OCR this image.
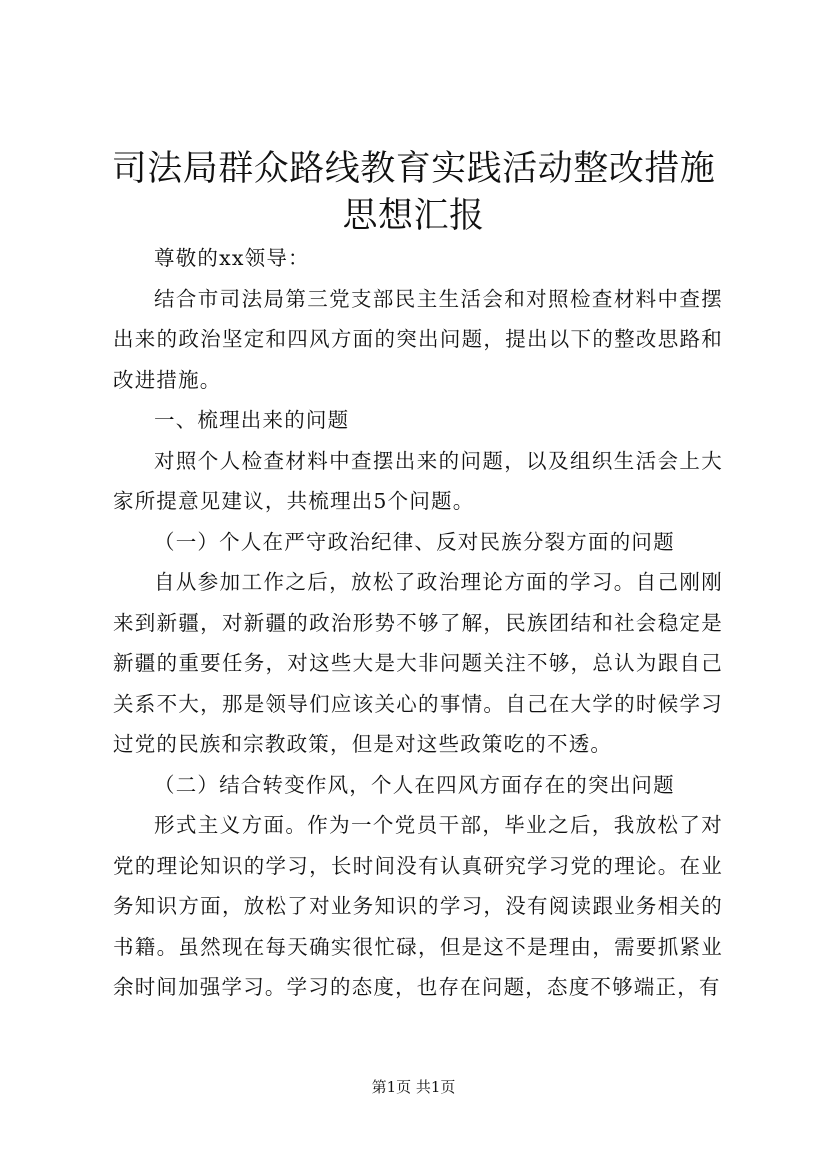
司法局群众路线教育实践活动整改措施思想汇报

尊敬的xx领导：

结合市司法局第三党支部民主生活会和对照检查材料中查摆出来的政治坚定和四风方面的突出问题，提出以下的整改思路和改进措施。

一、梳理出来的问题

对照个人检查材料中查摆出来的问题，以及组织生活会上大家所提意见建议，共梳理出5个问题。

（一）个人在严守政治纪律、反对民族分裂方面的问题

自从参加工作之后，放松了政治理论方面的学习。自己刚刚来到新疆，对新疆的政治形势不够了解，民族团结和社会稳定是新疆的重要任务，对这些大是大非问题关注不够，总认为跟自己关系不大，那是领导们应该关心的事情。自己在大学的时候学习过党的民族和宗教政策，但是对这些政策吃的不透。

（二）结合转变作风，个人在四风方面存在的突出问题

形式主义方面。作为一个党员干部，毕业之后，我放松了对党的理论知识的学习，长时间没有认真研究学习党的理论。在业务知识方面，放松了对业务知识的学习，没有阅读跟业务相关的书籍。虽然现在每天确实很忙碌，但是这不是理由，需要抓紧业余时间加强学习。学习的态度，也存在问题，态度不够端正，有

第1页 共1页
